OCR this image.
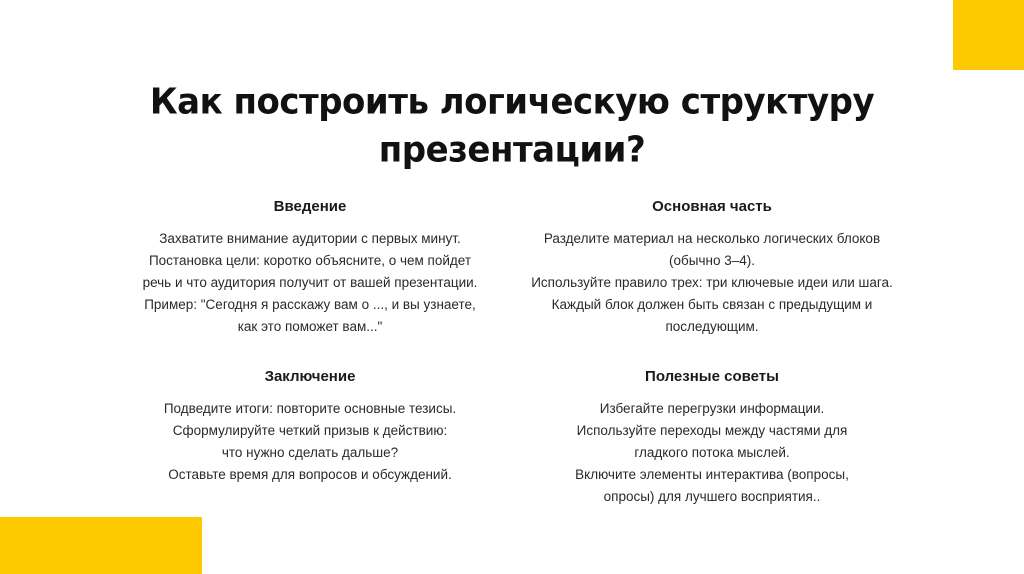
Как построить логическую структуру
презентации?
Введение
Захватите внимание аудитории с первых минут.
Постановка цели: коротко объясните, о чем пойдет
речь и что аудитория получит от вашей презентации.
Пример: "Сегодня я расскажу вам о ..., и вы узнаете,
как это поможет вам..."
Основная часть
Разделите материал на несколько логических блоков
(обычно 3–4).
Используйте правило трех: три ключевые идеи или шага.
Каждый блок должен быть связан с предыдущим и
последующим.
Заключение
Подведите итоги: повторите основные тезисы.
Сформулируйте четкий призыв к действию:
что нужно сделать дальше?
Оставьте время для вопросов и обсуждений.
Полезные советы
Избегайте перегрузки информации.
Используйте переходы между частями для
гладкого потока мыслей.
Включите элементы интерактива (вопросы,
опросы) для лучшего восприятия..
